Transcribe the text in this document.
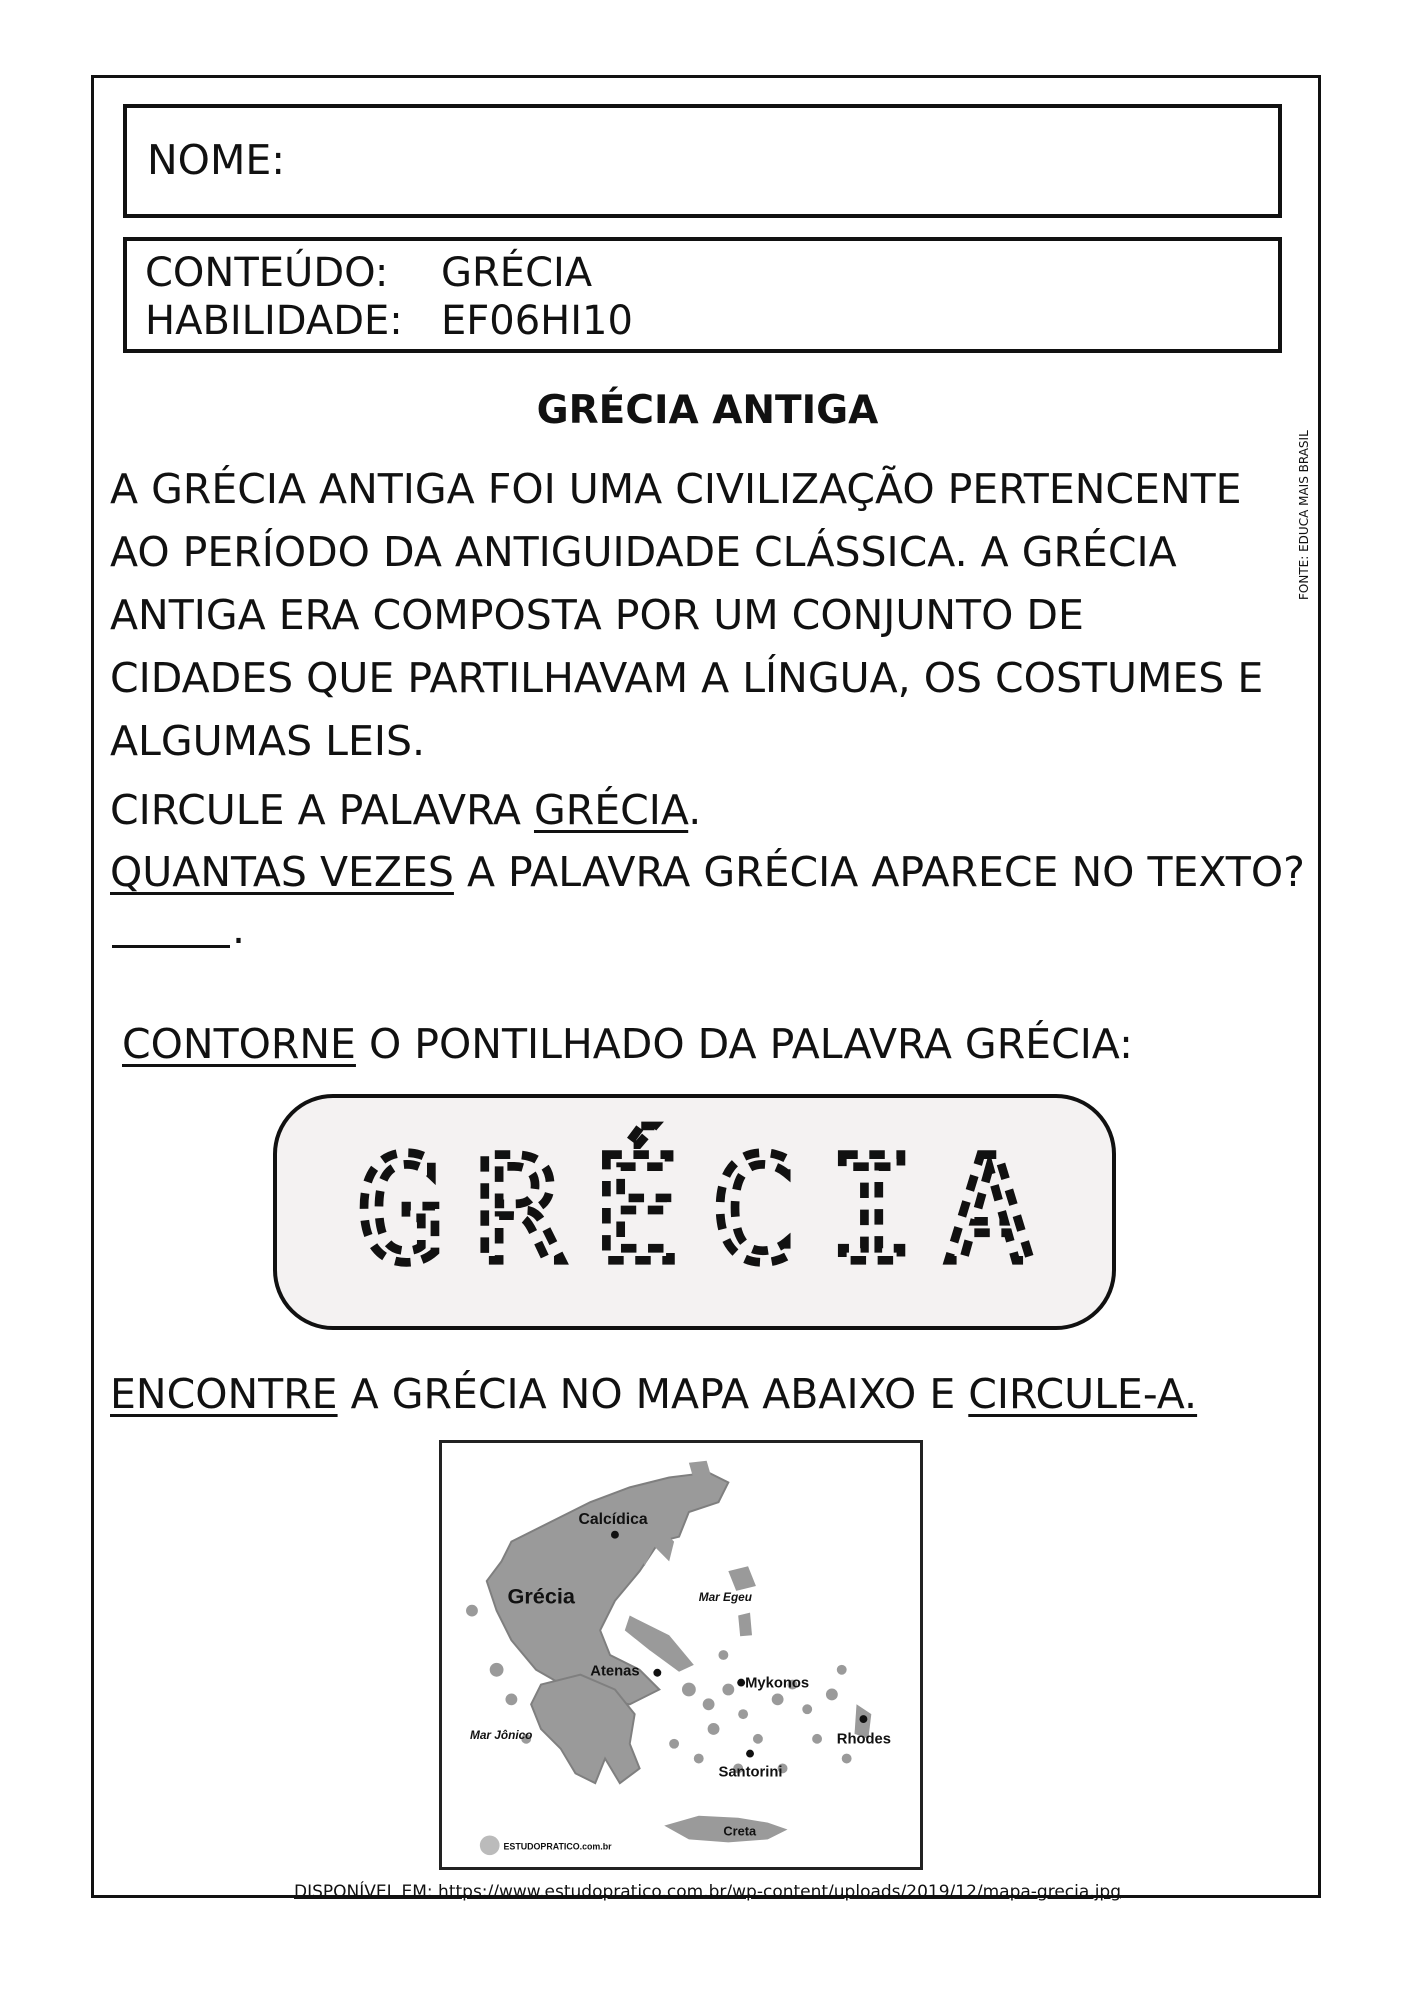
NOME:
CONTEÚDO: GRÉCIA
HABILIDADE: EF06HI10
GRÉCIA ANTIGA
FONTE: EDUCA MAIS BRASIL
A GRÉCIA ANTIGA FOI UMA CIVILIZAÇÃO PERTENCENTE
AO PERÍODO DA ANTIGUIDADE CLÁSSICA. A GRÉCIA
ANTIGA ERA COMPOSTA POR UM CONJUNTO DE
CIDADES QUE PARTILHAVAM A LÍNGUA, OS COSTUMES E
ALGUMAS LEIS.
CIRCULE A PALAVRA GRÉCIA.
QUANTAS VEZES A PALAVRA GRÉCIA APARECE NO TEXTO?
.
CONTORNE O PONTILHADO DA PALAVRA GRÉCIA:
G R É C I A
ENCONTRE A GRÉCIA NO MAPA ABAIXO E CIRCULE-A.
Mar Egeu
Mar Jônico
Calcídica
Grécia
Atenas
Mykonos
Rhodes
Santorini
Creta
ESTUDOPRATICO.com.br
DISPONÍVEL EM: https://www.estudopratico.com.br/wp-content/uploads/2019/12/mapa-grecia.jpg
